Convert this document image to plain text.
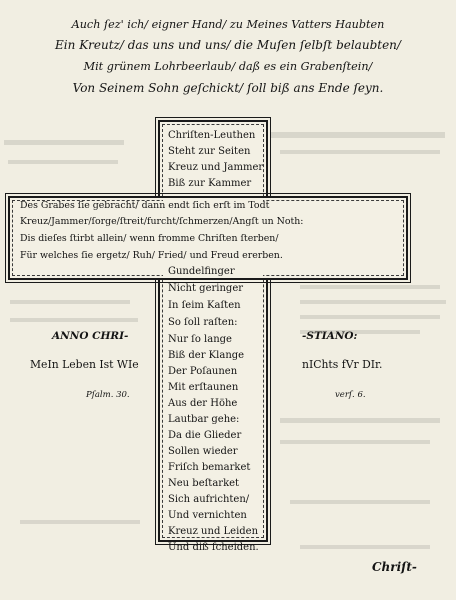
Auch ſez' ich/ eigner Hand/ zu Meines Vatters Haubten
Ein Kreutz/ das uns und uns/ die Muſen ſelbſt belaubten/
Mit grünem Lohrbeerlaub/ daß es ein Grabenſtein/
Von Seinem Sohn geſchickt/ ſoll biß ans Ende ſeyn.
Chriſten-Leuthen
Steht zur Seiten
Kreuz und Jammer
Biß zur Kammer
Des Grabes ſie gebracht/ dann endt ſich erſt im Todt
Kreuz/Jammer/ſorge/ſtreit/furcht/ſchmerzen/Angſt un Noth:
Dis dieſes ſtirbt allein/ wenn fromme Chriſten ſterben/
Für welches ſie ergetz/ Ruh/ Fried/ und Freud ererben.
Gundelfinger
Nicht geringer
In ſeim Kaſten
So ſoll raſten:
Nur ſo lange
Biß der Klange
Der Poſaunen
Mit erſtaunen
Aus der Höhe
Lautbar gehe:
Da die Glieder
Sollen wieder
Friſch bemarket
Neu beſtarket
Sich aufrichten/
Und vernichten
Kreuz und Leiden
Und diß ſcheiden.
ANNO CHRI-	-STIANO:
MeIn Leben Ist WIe	nIChts fVr DIr.
Pſalm. 30.	verſ. 6.
Chriſt-
